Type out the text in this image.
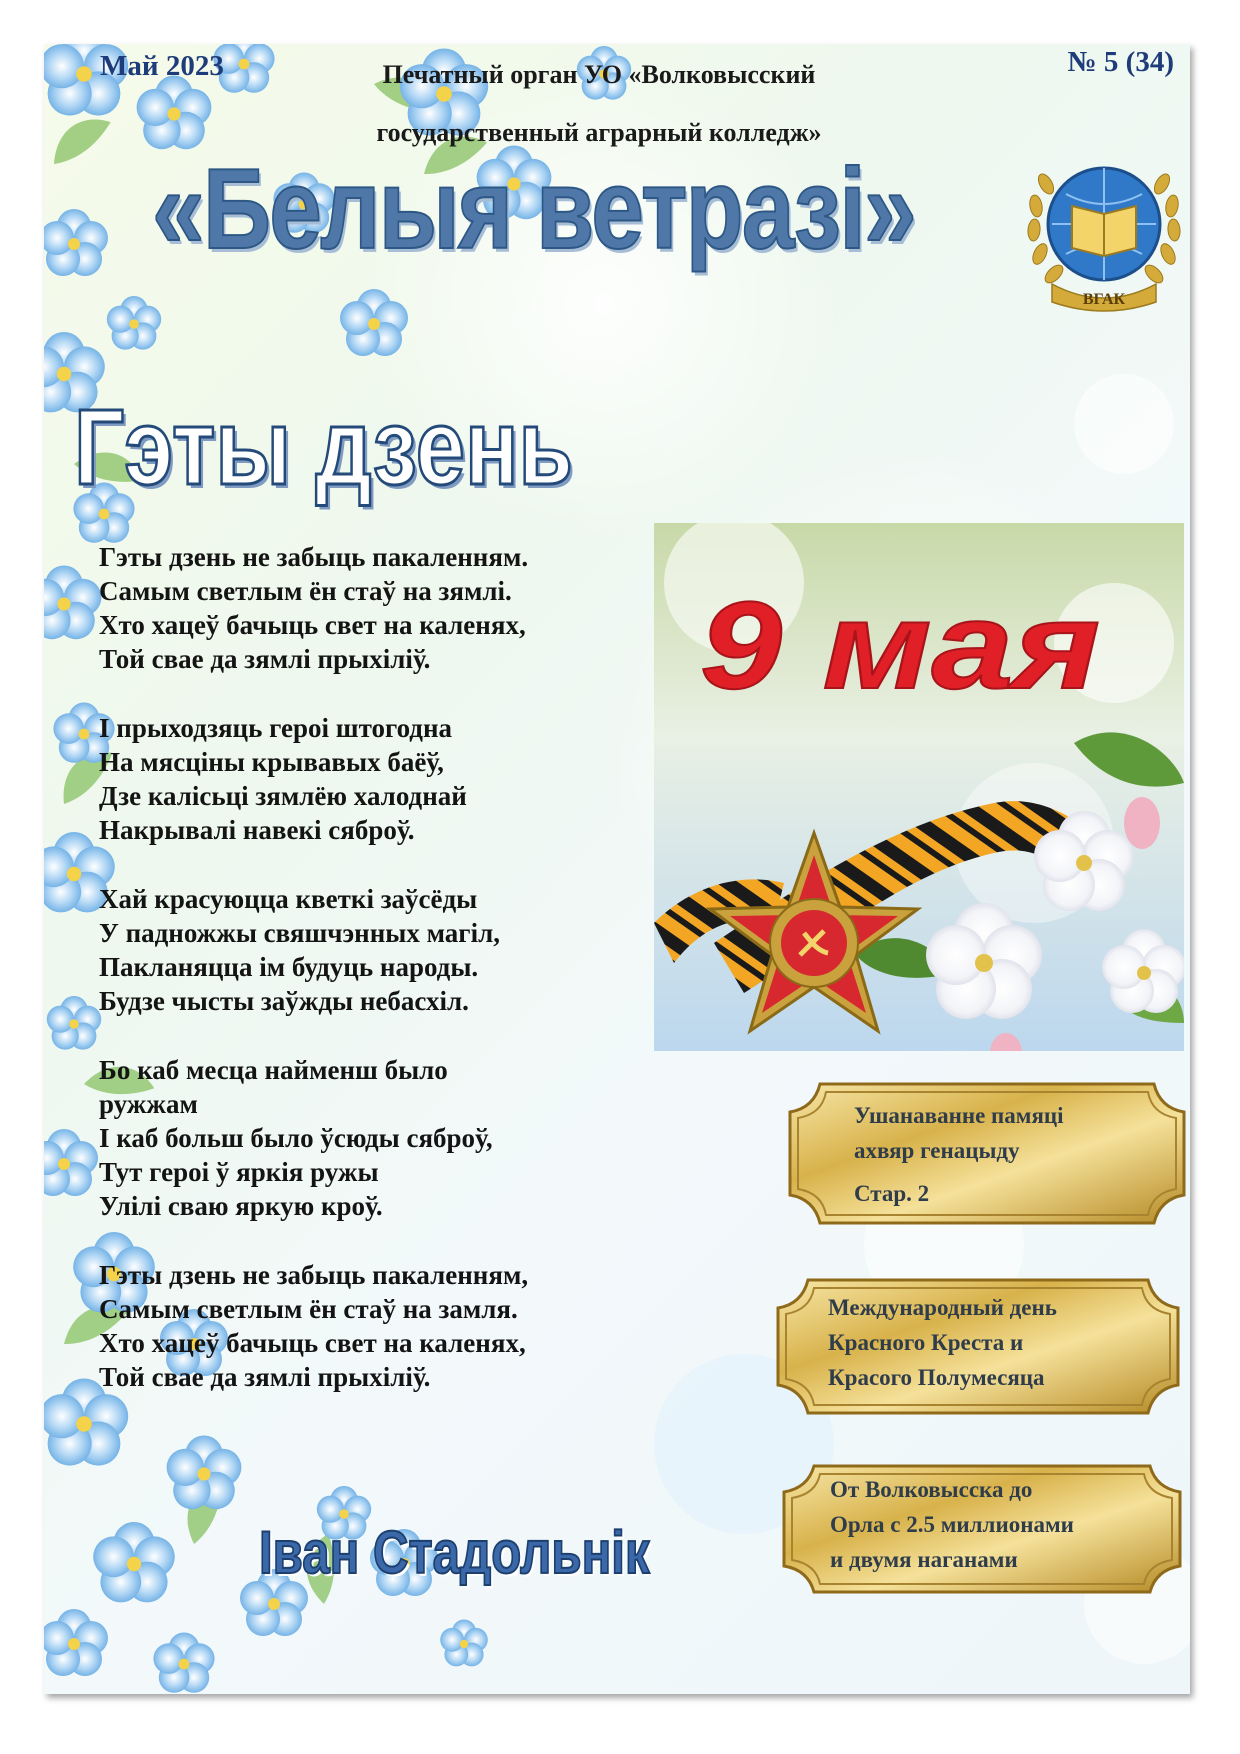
Май 2023	Печатный орган УО «Волковысский
государственный аграрный колледж»
№ 5 (34)
«Белыя ветразі»
ВГАК
Гэты дзень
Гэты дзень не забыць пакаленням.
Самым светлым ён стаў на зямлі.
Хто хацеў бачыць свет на каленях,
Той свае да зямлі прыхіліў.
І прыходзяць героі штогодна
На мясціны крывавых баёў,
Дзе калісьці зямлёю халоднай
Накрывалі навекі сяброў.
Хай красуюцца кветкі заўсёды
У падножжы свяшчэнных магіл,
Пакланяцца ім будуць народы.
Будзе чысты заўжды небасхіл.
Бо каб месца найменш было ружжам
І каб больш было ўсюды сяброў,
Тут героі ў яркія ружы
Улілі сваю яркую кроў.
Гэты дзень не забыць пакаленням,
Самым светлым ён стаў на замля.
Хто хацеў бачыць свет на каленях,
Той свае да зямлі прыхіліў.
Іван Стадольнік
9 мая
Ушанаванне памяці
ахвяр генацыду
Стар. 2
Международный день
Красного Креста и
Красого Полумесяца
От Волковысска до
Орла с 2.5 миллионами
и двумя наганами
